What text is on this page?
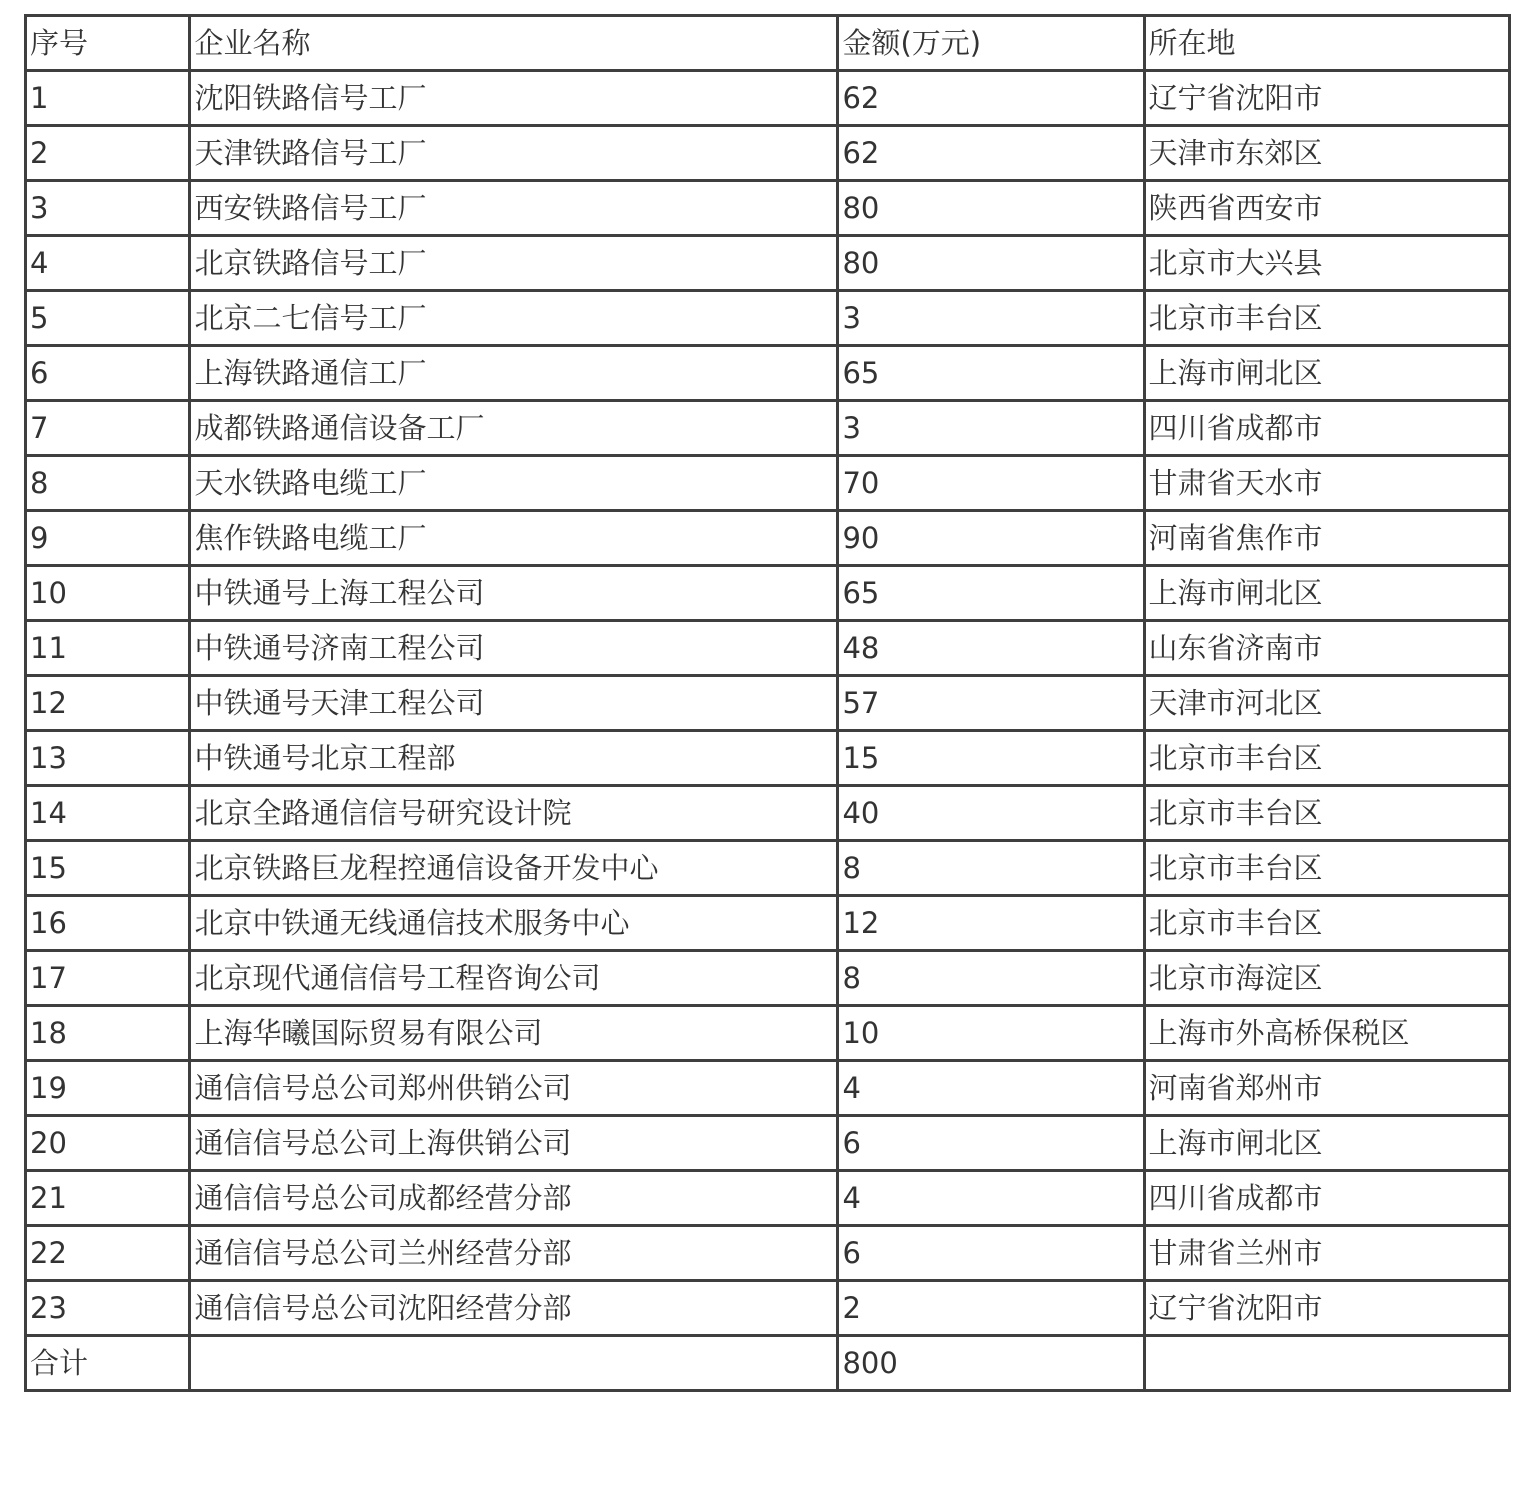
序号	企业名称	金额(万元)	所在地
1	沈阳铁路信号工厂	62	辽宁省沈阳市
2	天津铁路信号工厂	62	天津市东郊区
3	西安铁路信号工厂	80	陕西省西安市
4	北京铁路信号工厂	80	北京市大兴县
5	北京二七信号工厂	3	北京市丰台区
6	上海铁路通信工厂	65	上海市闸北区
7	成都铁路通信设备工厂	3	四川省成都市
8	天水铁路电缆工厂	70	甘肃省天水市
9	焦作铁路电缆工厂	90	河南省焦作市
10	中铁通号上海工程公司	65	上海市闸北区
11	中铁通号济南工程公司	48	山东省济南市
12	中铁通号天津工程公司	57	天津市河北区
13	中铁通号北京工程部	15	北京市丰台区
14	北京全路通信信号研究设计院	40	北京市丰台区
15	北京铁路巨龙程控通信设备开发中心	8	北京市丰台区
16	北京中铁通无线通信技术服务中心	12	北京市丰台区
17	北京现代通信信号工程咨询公司	8	北京市海淀区
18	上海华曦国际贸易有限公司	10	上海市外高桥保税区
19	通信信号总公司郑州供销公司	4	河南省郑州市
20	通信信号总公司上海供销公司	6	上海市闸北区
21	通信信号总公司成都经营分部	4	四川省成都市
22	通信信号总公司兰州经营分部	6	甘肃省兰州市
23	通信信号总公司沈阳经营分部	2	辽宁省沈阳市
合计		800	
